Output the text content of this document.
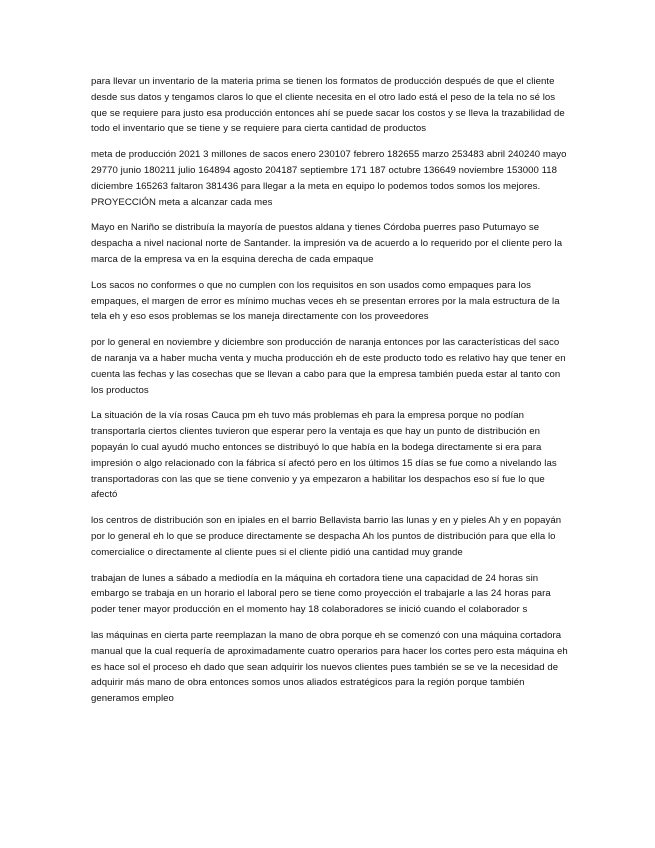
para llevar un inventario de la materia prima se tienen los formatos de producción después de que el cliente desde sus datos y tengamos claros lo que el cliente necesita en el otro lado está el peso de la tela no sé los que se requiere para justo esa producción entonces ahí se puede sacar los costos y se lleva la trazabilidad de todo el inventario que se tiene y se requiere para cierta cantidad de productos

meta de producción 2021 3 millones de sacos enero 230107 febrero 182655 marzo 253483 abril 240240 mayo 29770 junio 180211 julio 164894 agosto 204187 septiembre 171 187 octubre 136649 noviembre 153000 118 diciembre 165263 faltaron 381436 para llegar a la meta en equipo lo podemos todos somos los mejores. PROYECCIÓN meta a alcanzar cada mes

Mayo en Nariño se distribuía la mayoría de puestos aldana y tienes Córdoba puerres paso Putumayo se despacha a nivel nacional norte de Santander. la impresión va de acuerdo a lo requerido por el cliente pero la marca de la empresa va en la esquina derecha de cada empaque

Los sacos no conformes o que no cumplen con los requisitos en son usados como empaques para los empaques, el margen de error es mínimo muchas veces eh se presentan errores por la mala estructura de la tela eh y eso esos problemas se los maneja directamente con los proveedores

por lo general en noviembre y diciembre son producción de naranja entonces por las características del saco de naranja va a haber mucha venta y mucha producción eh de este producto todo es relativo hay que tener en cuenta las fechas y las cosechas que se llevan a cabo para que la empresa también pueda estar al tanto con los productos

La situación de la vía rosas Cauca pm eh tuvo más problemas eh para la empresa porque no podían transportarla ciertos clientes tuvieron que esperar pero la ventaja es que hay un punto de distribución en popayán lo cual ayudó mucho entonces se distribuyó lo que había en la bodega directamente si era para impresión o algo relacionado con la fábrica sí afectó pero en los últimos 15 días se fue como a nivelando las transportadoras con las que se tiene convenio y ya empezaron a habilitar los despachos eso sí fue lo que afectó

los centros de distribución son en ipiales en el barrio Bellavista barrio las lunas y en y pieles Ah y en popayán por lo general eh lo que se produce directamente se despacha Ah los puntos de distribución para que ella lo comercialice o directamente al cliente pues si el cliente pidió una cantidad muy grande

trabajan de lunes a sábado a mediodía en la máquina eh cortadora tiene una capacidad de 24 horas sin embargo se trabaja en un horario el laboral pero se tiene como proyección el trabajarle a las 24 horas para poder tener mayor producción en el momento hay 18 colaboradores se inició cuando el colaborador s

las máquinas en cierta parte reemplazan la mano de obra porque eh se comenzó con una máquina cortadora manual que la cual requería de aproximadamente cuatro operarios para hacer los cortes pero esta máquina eh es hace sol el proceso eh dado que sean adquirir los nuevos clientes pues también se se ve la necesidad de adquirir más mano de obra entonces somos unos aliados estratégicos para la región porque también generamos empleo
